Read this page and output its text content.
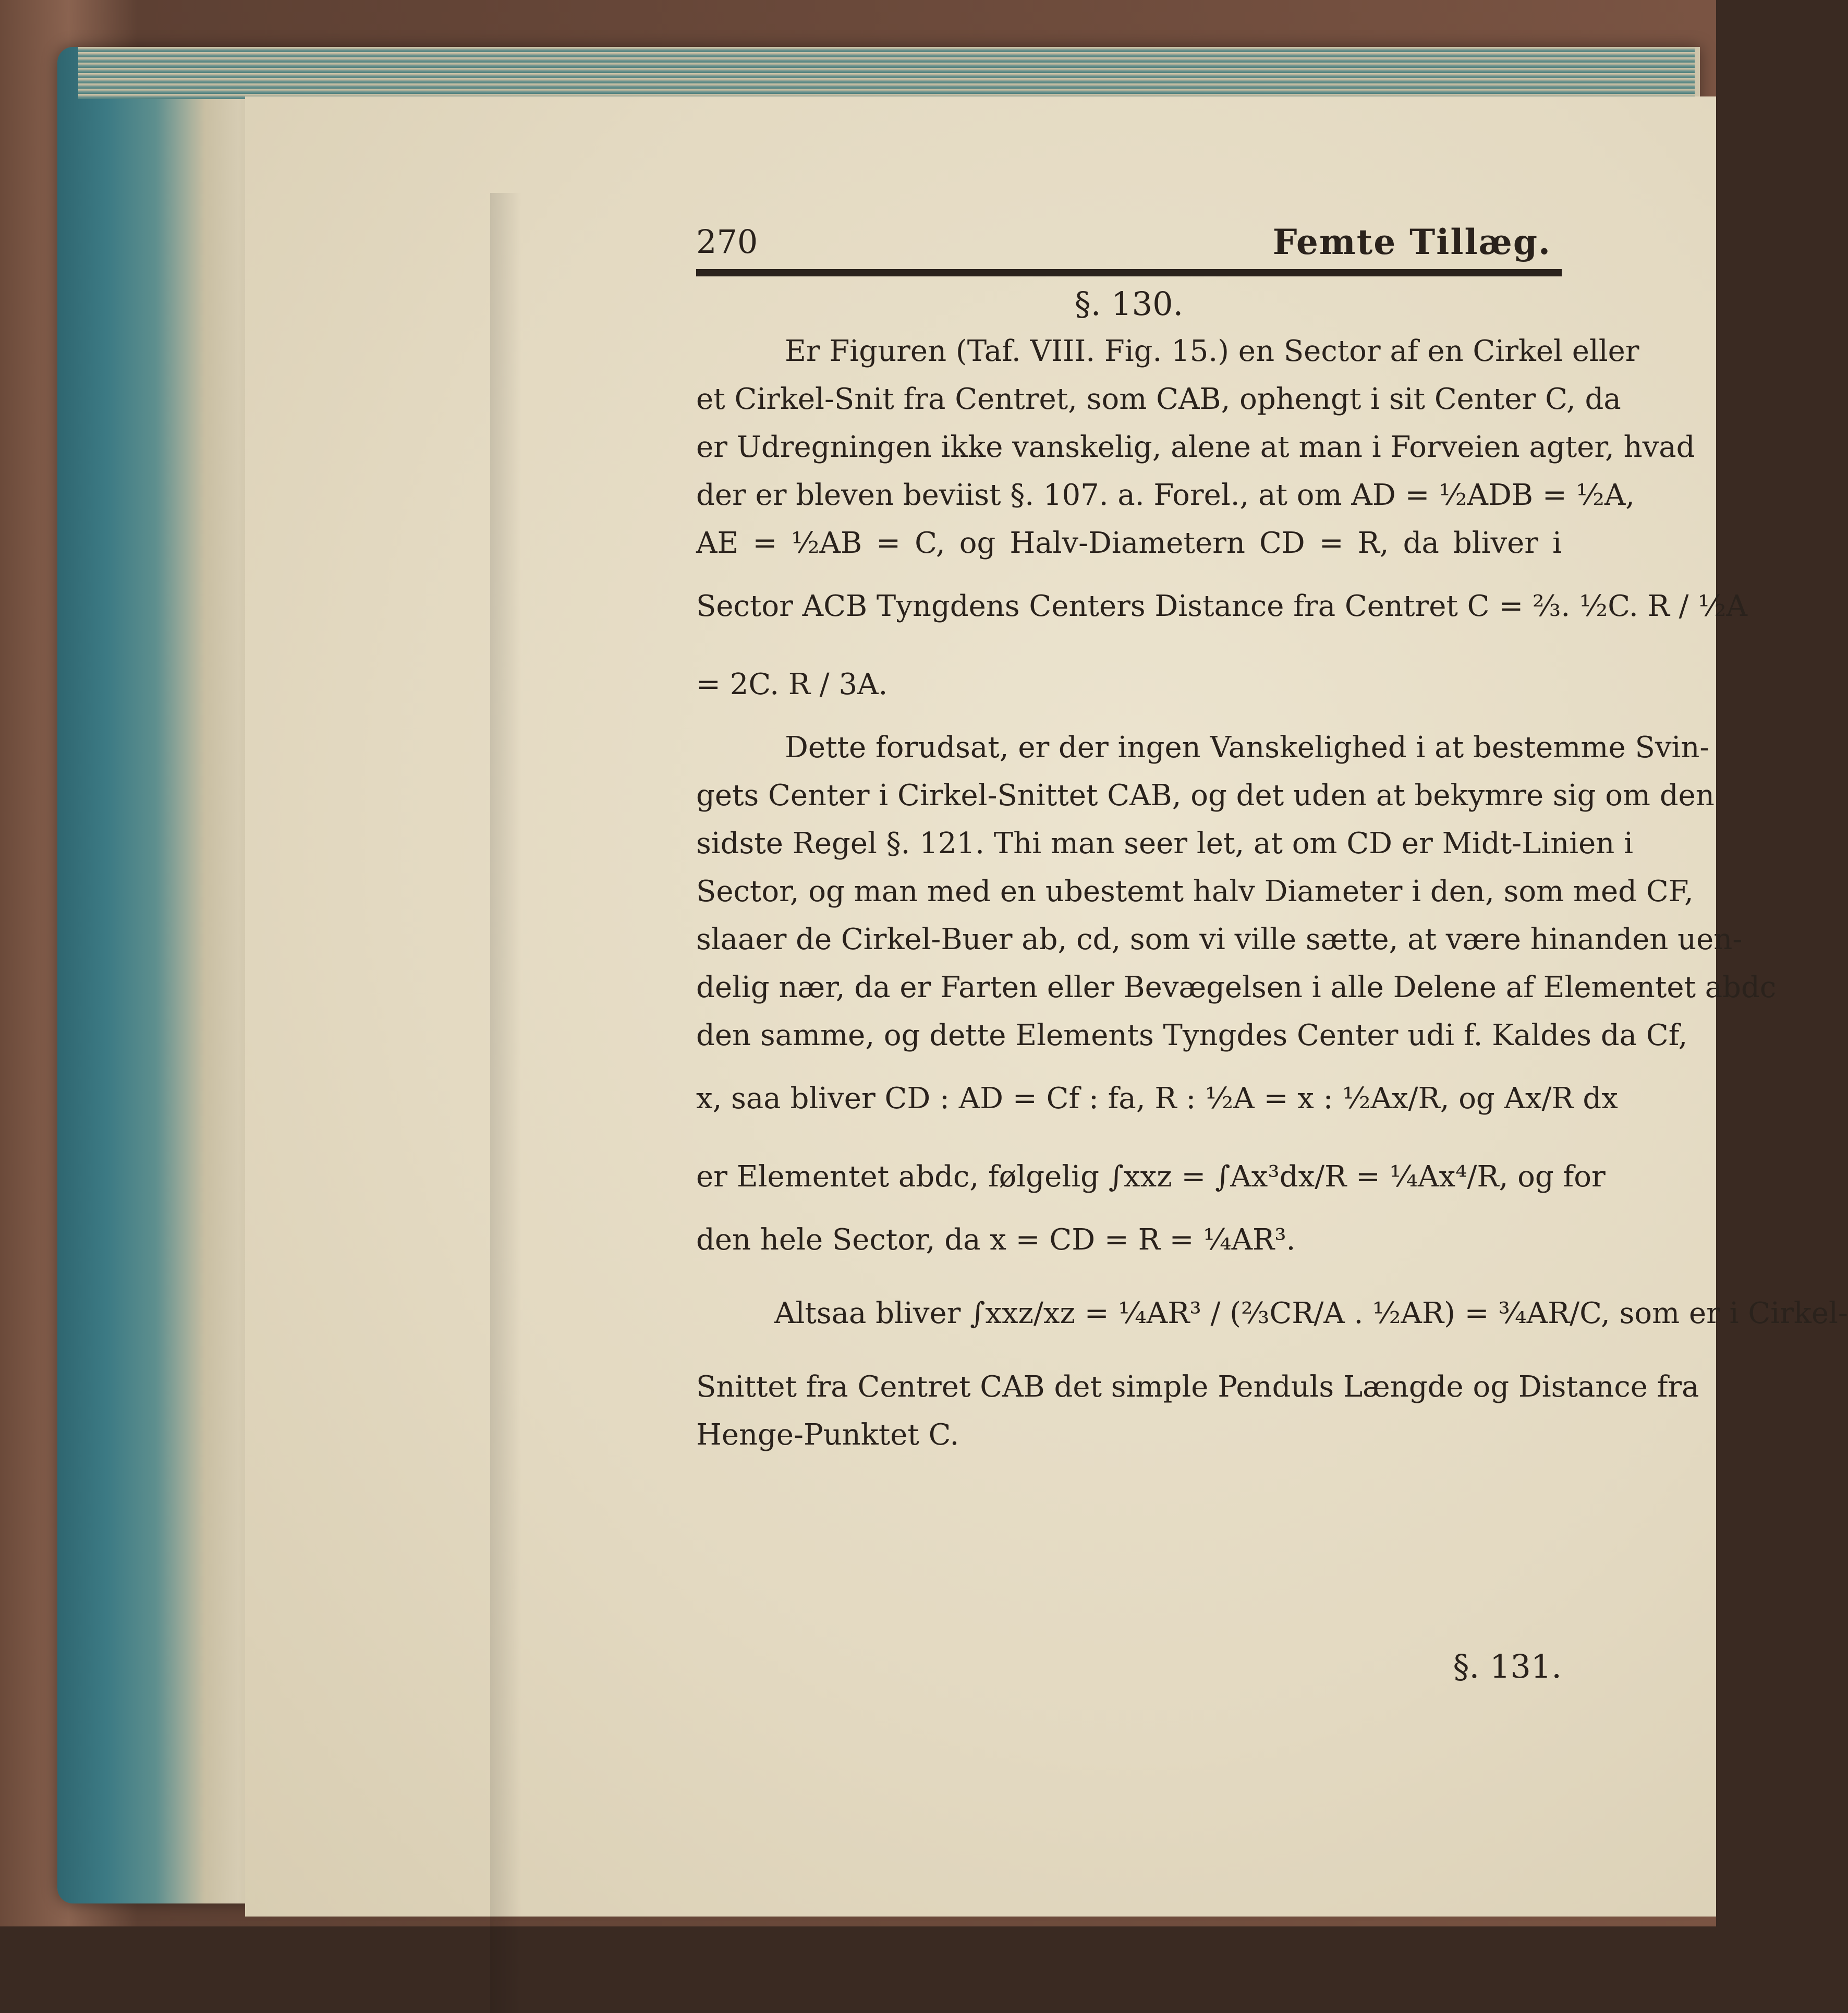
270	Femte Tillæg.
§. 130.
Er Figuren (Taf. VIII. Fig. 15.) en Sector af en Cirkel eller
et Cirkel-Snit fra Centret, som CAB, ophengt i sit Center C, da
er Udregningen ikke vanskelig, alene at man i Forveien agter, hvad
der er bleven beviist §. 107. a. Forel., at om AD = ½ADB = ½A,
AE = ½AB = C, og Halv-Diametern CD = R, da bliver i
Sector ACB Tyngdens Centers Distance fra Centret C = ⅔. ½C. R / ½A
= 2C. R / 3A.
Dette forudsat, er der ingen Vanskelighed i at bestemme Svin-
gets Center i Cirkel-Snittet CAB, og det uden at bekymre sig om den
sidste Regel §. 121. Thi man seer let, at om CD er Midt-Linien i
Sector, og man med en ubestemt halv Diameter i den, som med CF,
slaaer de Cirkel-Buer ab, cd, som vi ville sætte, at være hinanden uen-
delig nær, da er Farten eller Bevægelsen i alle Delene af Elementet abdc
den samme, og dette Elements Tyngdes Center udi f. Kaldes da Cf,
x, saa bliver CD : AD = Cf : fa, R : ½A = x : ½Ax/R, og Ax/R dx
er Elementet abdc, følgelig ∫xxz = ∫Ax³dx/R = ¼Ax⁴/R, og for
den hele Sector, da x = CD = R = ¼AR³.
Altsaa bliver ∫xxz/xz = ¼AR³ / (⅔CR/A . ½AR) = ¾AR/C, som er i Cirkel-
Snittet fra Centret CAB det simple Penduls Længde og Distance fra
Henge-Punktet C.
§. 131.
